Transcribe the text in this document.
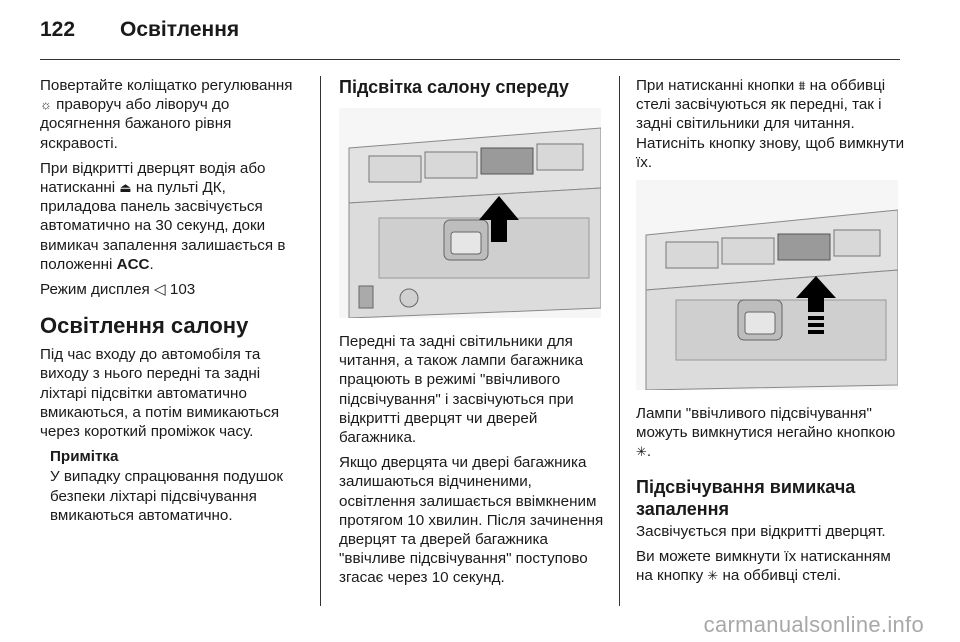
122 Освітлення

Повертайте коліщатко регулювання ☼ праворуч або ліворуч до досягнення бажаного рівня яскравості.

При відкритті дверцят водія або натисканні ⏏ на пульті ДК, приладова панель засвічується автоматично на 30 секунд, доки вимикач запалення залишається в положенні ACC.

Режим дисплея ◁ 103

Освітлення салону

Під час входу до автомобіля та виходу з нього передні та задні ліхтарі підсвітки автоматично вмикаються, а потім вимикаються через короткий проміжок часу.

Примітка
У випадку спрацювання подушок безпеки ліхтарі підсвічування вмикаються автоматично.
Підсвітка салону спереду

Передні та задні світильники для читання, а також лампи багажника працюють в режимі "ввічливого підсвічування" і засвічуються при відкритті дверцят чи дверей багажника.

Якщо дверцята чи двері багажника залишаються відчиненими, освітлення залишається ввімкненим протягом 10 хвилин. Після зачинення дверцят та дверей багажника "ввічливе підсвічування" поступово згасає через 10 секунд.

При натисканні кнопки ⩩ на оббивці стелі засвічуються як передні, так і задні світильники для читання. Натисніть кнопку знову, щоб вимкнути їх.

Лампи "ввічливого підсвічування" можуть вимкнутися негайно кнопкою ✳.

Підсвічування вимикача запалення

Засвічується при відкритті дверцят.

Ви можете вимкнути їх натисканням на кнопку ✳ на оббивці стелі.

carmanualsonline.info
